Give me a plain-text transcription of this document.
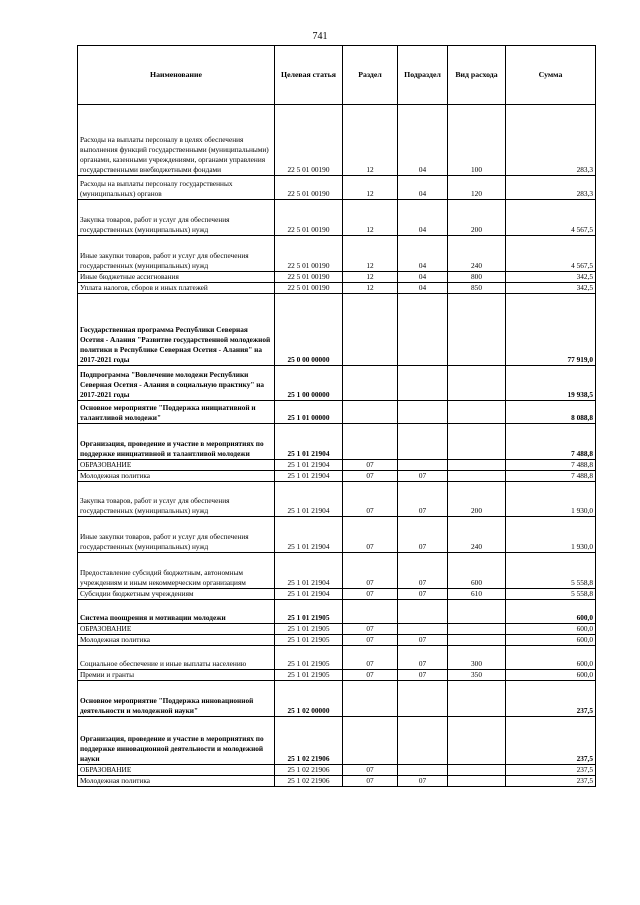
741
Наименование	Целевая статья	Раздел	Подраздел	Вид расхода	Сумма
Расходы на выплаты персоналу в целях обеспечения выполнения функций государственными (муниципальными) органами, казенными учреждениями, органами управления государственными внебюджетными фондами	22 5 01 00190	12	04	100	283,3
Расходы на выплаты персоналу государственных (муниципальных) органов	22 5 01 00190	12	04	120	283,3
Закупка товаров, работ и услуг для обеспечения государственных (муниципальных) нужд	22 5 01 00190	12	04	200	4 567,5
Иные закупки товаров, работ и услуг для обеспечения государственных (муниципальных) нужд	22 5 01 00190	12	04	240	4 567,5
Иные бюджетные ассигнования	22 5 01 00190	12	04	800	342,5
Уплата налогов, сборов и иных платежей	22 5 01 00190	12	04	850	342,5
Государственная программа Республики Северная Осетия - Алания "Развитие государственной молодежной политики в Республике Северная Осетия - Алания" на 2017-2021 годы	25 0 00 00000				77 919,0
Подпрограмма "Вовлечение молодежи Республики Северная Осетия - Алания в социальную практику" на 2017-2021 годы	25 1 00 00000				19 938,5
Основное мероприятие "Поддержка инициативной и талантливой молодежи"	25 1 01 00000				8 088,8
Организация, проведение и участие в мероприятиях по поддержке инициативной и талантливой молодежи	25 1 01 21904				7 488,8
ОБРАЗОВАНИЕ	25 1 01 21904	07			7 488,8
Молодежная политика	25 1 01 21904	07	07		7 488,8
Закупка товаров, работ и услуг для обеспечения государственных (муниципальных) нужд	25 1 01 21904	07	07	200	1 930,0
Иные закупки товаров, работ и услуг для обеспечения государственных (муниципальных) нужд	25 1 01 21904	07	07	240	1 930,0
Предоставление субсидий бюджетным, автономным учреждениям и иным некоммерческим организациям	25 1 01 21904	07	07	600	5 558,8
Субсидии бюджетным учреждениям	25 1 01 21904	07	07	610	5 558,8
Система поощрения и мотивации молодежи	25 1 01 21905				600,0
ОБРАЗОВАНИЕ	25 1 01 21905	07			600,0
Молодежная политика	25 1 01 21905	07	07		600,0
Социальное обеспечение и иные выплаты населению	25 1 01 21905	07	07	300	600,0
Премии и гранты	25 1 01 21905	07	07	350	600,0
Основное мероприятие "Поддержка инновационной деятельности и молодежной науки"	25 1 02 00000				237,5
Организация, проведение и участие в мероприятиях по поддержке инновационной деятельности и молодежной науки	25 1 02 21906				237,5
ОБРАЗОВАНИЕ	25 1 02 21906	07			237,5
Молодежная политика	25 1 02 21906	07	07		237,5
